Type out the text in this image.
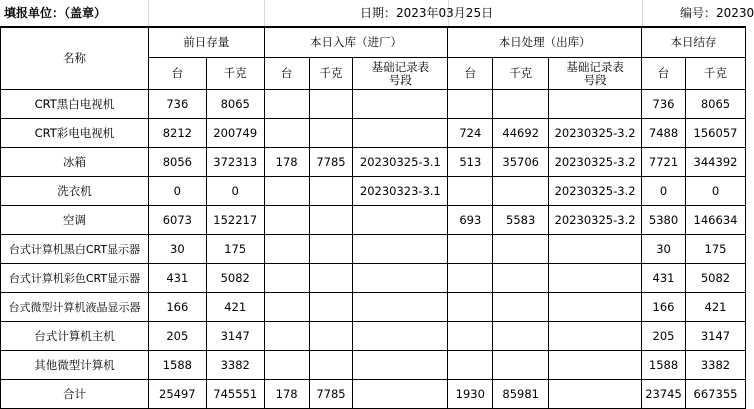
填报单位：（盖章）	日期：2023年03月25日	编号：20230
名称	前日存量		本日入库（进厂）			本日处理（出库）			本日结存	
	台	千克	台	千克	基础记录表号段	台	千克	基础记录表号段	台	千克
CRT黑白电视机	736	8065							736	8065
CRT彩电电视机	8212	200749				724	44692	20230325-3.2	7488	156057
冰箱	8056	372313	178	7785	20230325-3.1	513	35706	20230325-3.2	7721	344392
洗衣机	0	0			20230323-3.1			20230325-3.2	0	0
空调	6073	152217				693	5583	20230325-3.2	5380	146634
台式计算机黑白CRT显示器	30	175							30	175
台式计算机彩色CRT显示器	431	5082							431	5082
台式微型计算机液晶显示器	166	421							166	421
台式计算机主机	205	3147							205	3147
其他微型计算机	1588	3382							1588	3382
合计	25497	745551	178	7785		1930	85981		23745	667355
